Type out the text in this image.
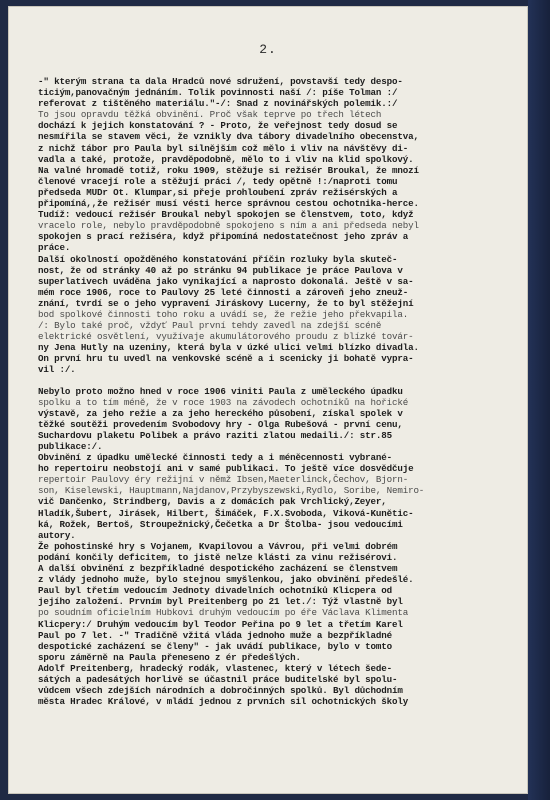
2.
-" kterým strana ta dala Hradců nové sdružení, povstavší tedy despo-
ticiým,panovačným jednáním. Tolik povinnosti naší /: píše Tolman :/
referovat z tištěného materiálu."-/: Snad z novinářských polemik.:/
To jsou opravdu těžká obvinění. Proč však teprve po třech létech
dochází k jejich konstatování ? - Proto, že veřejnost tedy dosud se
nesmířila se stavem věci, že vznikly dva tábory divadelního obecenstva,
z nichž tábor pro Paula byl silnějším což mělo i vliv na návštěvy di-
vadla a také, protože, pravděpodobně, mělo to i vliv na klid spolkový.
Na valné hromadě totiž, roku 1909, stěžuje si režisér Broukal, že mnozí
členové vracejí role a stěžují práci /, tedy opětně !:/naproti tomu
předseda MUDr Ot. Klumpar,si přeje prohloubení zpráv režisérských a
připomíná,,že režisér musí vésti herce správnou cestou ochotnika-herce.
Tudíž: vedoucí režisér Broukal nebyl spokojen se členstvem, toto, když
vracelo role, nebylo pravděpodobně spokojeno s ním a ani předseda nebyl
spokojen s prací režiséra, když připomíná nedostatečnost jeho zpráv a
práce.
Další okolností opožděného konstatování příčin rozluky byla skuteč-
nost, že od stránky 40 až po stránku 94 publikace je práce Paulova v
superlativech uváděna jako vynikající a naprosto dokonalá. Ještě v sa-
mém roce 1906, roce to Paulovy 25 leté činnosti a zároveň jeho zneuž-
znání, tvrdí se o jeho vypravení Jiráskovy Lucerny, že to byl stěžejní
bod spolkové činnosti toho roku a uvádí se, že režie jeho překvapila.
/: Bylo také proč, vždyť Paul první tehdy zavedl na zdejší scéně
elektrické osvětlení, využívaje akumulátorového proudu z blízké továr-
ny Jena Hutly na uzeniny, která byla v úzké ulici velmi blízko divadla.
On první hru tu uvedl na venkovské scéně a i scenicky ji bohatě vypra-
vil :/.
Nebylo proto možno hned v roce 1906 viniti Paula z uměleckého úpadku
spolku a to tím méně, že v roce 1903 na závodech ochotníků na hořické
výstavě, za jeho režie a za jeho hereckého působení, získal spolek v
těžké soutěži provedením Svobodovy hry - Olga Rubešová - první cenu,
Suchardovu plaketu Polibek a právo raziti zlatou medaili./: str.85
publikace:/.
Obvinění z úpadku umělecké činnosti tedy a i méněcennosti vybrané-
ho repertoiru neobstojí ani v samé publikaci. To ještě více dosvědčuje
repertoir Paulovy éry režijní v němž Ibsen,Maeterlinck,Čechov, Bjorn-
son, Kiselewski, Hauptmann,Najdanov,Przybyszewski,Rydlo, Soribe, Nemiro-
vič Dančenko, Strindberg, Davis a z domácích pak Vrchlický,Zeyer,
Hladík,Šubert, Jirásek, Hilbert, Šimáček, F.X.Svoboda, Viková-Kunětic-
ká, Rožek, Bertoš, Stroupežnický,Čečetka a Dr Štolba- jsou vedoucími
autory.
Že pohostinské hry s Vojanem, Kvapilovou a Vávrou, při velmi dobrém
podání končily deficitem, to jistě nelze klásti za vinu režisérovi.
A další obvinění z bezpříkladné despotického zacházení se členstvem
z vlády jednoho muže, bylo stejnou smyšlenkou, jako obvinění předešlé.
Paul byl třetím vedoucím Jednoty divadelních ochotníků Klicpera od
jejího založení. Prvním byl Preitenberg po 21 let./: Týž vlastně byl
po soudním oficielním Hubkovi druhým vedoucím po éře Václava Klimenta
Klicpery:/ Druhým vedoucím byl Teodor Peřina po 9 let a třetím Karel
Paul po 7 let. -" Tradičně vžitá vláda jednoho muže a bezpříkladné
despotické zacházení se členy" - jak uvádí publikace, bylo v tomto
sporu záměrně na Paula přeneseno z ér předešlých.
Adolf Preitenberg, hradecký rodák, vlastenec, který v létech šede-
sátých a padesátých horlivě se účastnil práce buditelské byl spolu-
vůdcem všech zdejších národních a dobročinných spolků. Byl důchodním
města Hradec Králové, v mládí jednou z prvních sil ochotnických školy
